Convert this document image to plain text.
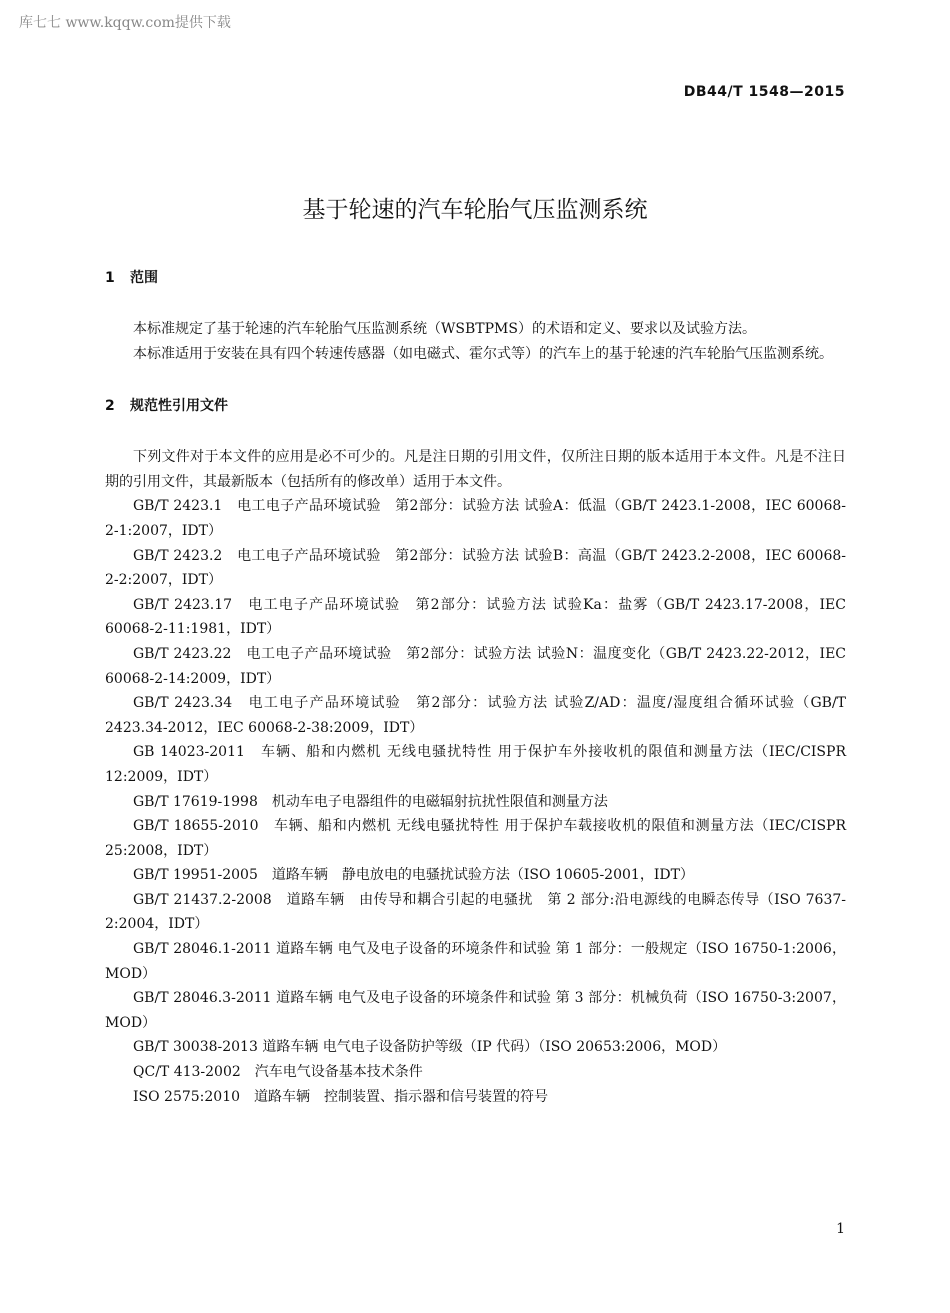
库七七 www.kqqw.com提供下载
DB44/T 1548—2015
基于轮速的汽车轮胎气压监测系统
1	范围

本标准规定了基于轮速的汽车轮胎气压监测系统（WSBTPMS）的术语和定义、要求以及试验方法。

本标准适用于安装在具有四个转速传感器（如电磁式、霍尔式等）的汽车上的基于轮速的汽车轮胎气压监测系统。

2	规范性引用文件

下列文件对于本文件的应用是必不可少的。凡是注日期的引用文件，仅所注日期的版本适用于本文件。凡是不注日期的引用文件，其最新版本（包括所有的修改单）适用于本文件。

GB/T 2423.1　电工电子产品环境试验　第2部分：试验方法 试验A：低温（GB/T 2423.1-2008，IEC 60068-2-1:2007，IDT）

GB/T 2423.2　电工电子产品环境试验　第2部分：试验方法 试验B：高温（GB/T 2423.2-2008，IEC 60068-2-2:2007，IDT）

GB/T 2423.17　电工电子产品环境试验　第2部分：试验方法 试验Ka：盐雾（GB/T 2423.17-2008，IEC 60068-2-11:1981，IDT）

GB/T 2423.22　电工电子产品环境试验　第2部分：试验方法 试验N：温度变化（GB/T 2423.22-2012，IEC 60068-2-14:2009，IDT）

GB/T 2423.34　电工电子产品环境试验　第2部分：试验方法 试验Z/AD：温度/湿度组合循环试验（GB/T 2423.34-2012，IEC 60068-2-38:2009，IDT）

GB 14023-2011　车辆、船和内燃机 无线电骚扰特性 用于保护车外接收机的限值和测量方法（IEC/CISPR 12:2009，IDT）

GB/T 17619-1998　机动车电子电器组件的电磁辐射抗扰性限值和测量方法

GB/T 18655-2010　车辆、船和内燃机 无线电骚扰特性 用于保护车载接收机的限值和测量方法（IEC/CISPR 25:2008，IDT）

GB/T 19951-2005　道路车辆　静电放电的电骚扰试验方法（ISO 10605-2001，IDT）

GB/T 21437.2-2008　道路车辆　由传导和耦合引起的电骚扰　第 2 部分:沿电源线的电瞬态传导（ISO 7637-2:2004，IDT）

GB/T 28046.1-2011 道路车辆 电气及电子设备的环境条件和试验 第 1 部分：一般规定（ISO 16750-1:2006，MOD）

GB/T 28046.3-2011 道路车辆 电气及电子设备的环境条件和试验 第 3 部分：机械负荷（ISO 16750-3:2007，MOD）

GB/T 30038-2013 道路车辆 电气电子设备防护等级（IP 代码）（ISO 20653:2006，MOD）

QC/T 413-2002　汽车电气设备基本技术条件

ISO 2575:2010　道路车辆　控制装置、指示器和信号装置的符号

1
